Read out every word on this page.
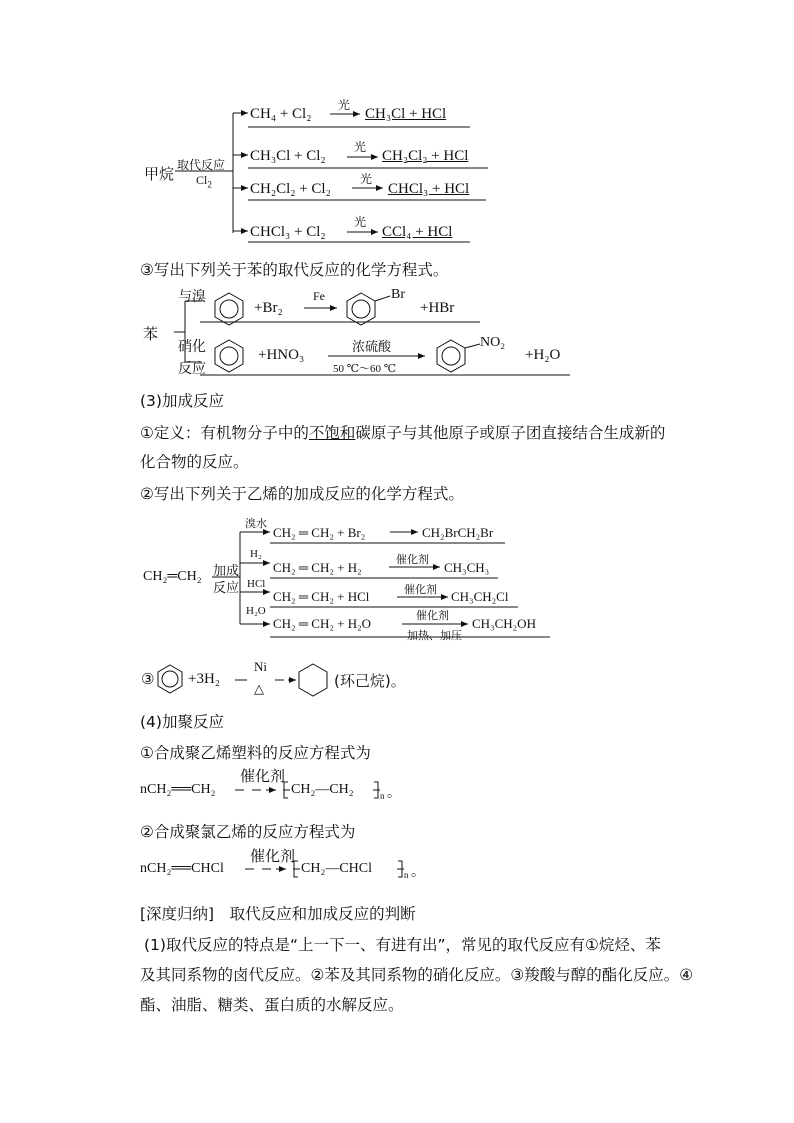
甲烷 取代反应
$Cl_2$
CH₄ + Cl₂
光
CH₃Cl + HCl
CH₃Cl + Cl₂
光
CH₂Cl₂ + HCl
CH₂Cl₂ + Cl₂
光
CHCl₃ + HCl
CHCl₃ + Cl₂
光
CCl₄ + HCl
③写出下列关于苯的取代反应的化学方程式。
苯
与溴
+Br₂
Fe	Br
+HBr
硝化
反应
+HNO₃	浓硫酸
50 ℃～60 ℃
NO₂
+H₂O
(3)加成反应
①定义：有机物分子中的不饱和碳原子与其他原子或原子团直接结合生成新的
化合物的反应。
②写出下列关于乙烯的加成反应的化学方程式。
CH₂═CH₂ 加成
反应
溴水
CH₂ ═ CH₂ + Br₂	CH₂BrCH₂Br
H₂
CH₂ ═ CH₂ + H₂
催化剂
CH₃CH₃
HCl
CH₂ ═ CH₂ + HCl	催化剂 CH₃CH₂Cl
H₂O
CH₂ ═ CH₂ + H₂O
催化剂
加热、加压
CH₃CH₂OH
③ +3H₂
Ni
△	(环己烷)。
(4)加聚反应
①合成聚乙烯塑料的反应方程式为
nCH₂══CH₂
催化剂
CH₂—CH₂	n 。
②合成聚氯乙烯的反应方程式为
nCH₂══CHCl
催化剂
CH₂—CHCl	n 。
[深度归纳]　取代反应和加成反应的判断
(1)取代反应的特点是“上一下一、有进有出”，常见的取代反应有①烷烃、苯
及其同系物的卤代反应。②苯及其同系物的硝化反应。③羧酸与醇的酯化反应。④
酯、油脂、糖类、蛋白质的水解反应。
